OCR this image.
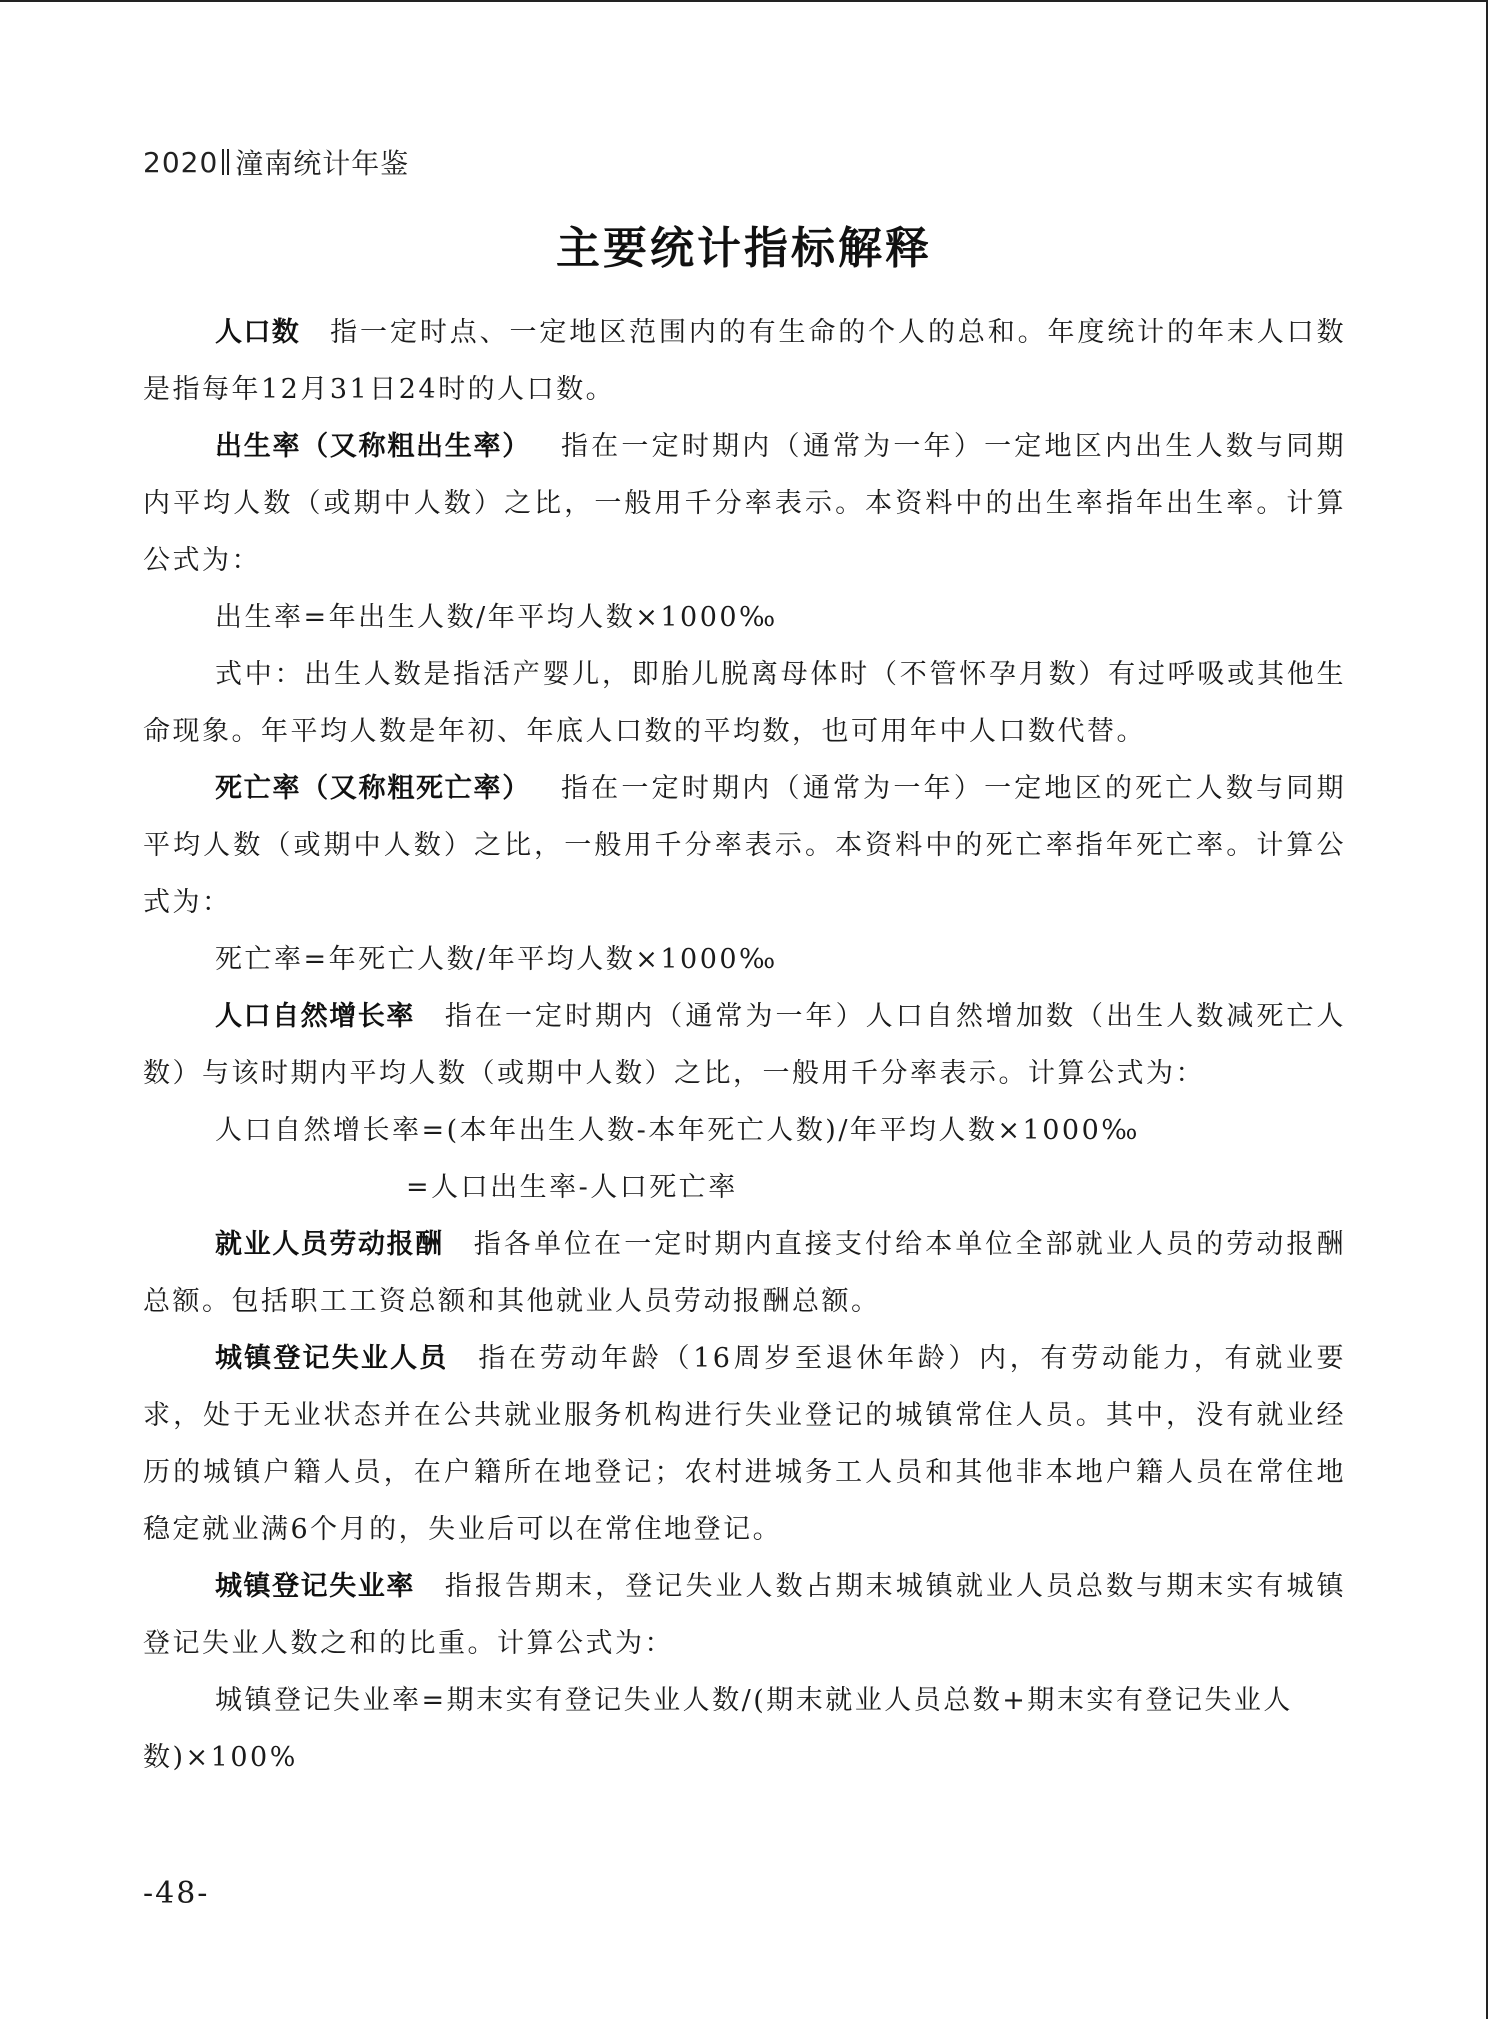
2020 潼南统计年鉴
主要统计指标解释

人口数 指一定时点、一定地区范围内的有生命的个人的总和。年度统计的年末人口数是指每年12月31日24时的人口数。

出生率（又称粗出生率） 指在一定时期内（通常为一年）一定地区内出生人数与同期内平均人数（或期中人数）之比，一般用千分率表示。本资料中的出生率指年出生率。计算公式为：

出生率=年出生人数/年平均人数×1000‰

式中：出生人数是指活产婴儿，即胎儿脱离母体时（不管怀孕月数）有过呼吸或其他生命现象。年平均人数是年初、年底人口数的平均数，也可用年中人口数代替。

死亡率（又称粗死亡率） 指在一定时期内（通常为一年）一定地区的死亡人数与同期平均人数（或期中人数）之比，一般用千分率表示。本资料中的死亡率指年死亡率。计算公式为：

死亡率=年死亡人数/年平均人数×1000‰

人口自然增长率 指在一定时期内（通常为一年）人口自然增加数（出生人数减死亡人数）与该时期内平均人数（或期中人数）之比，一般用千分率表示。计算公式为：

人口自然增长率=(本年出生人数-本年死亡人数)/年平均人数×1000‰

=人口出生率-人口死亡率

就业人员劳动报酬 指各单位在一定时期内直接支付给本单位全部就业人员的劳动报酬总额。包括职工工资总额和其他就业人员劳动报酬总额。

城镇登记失业人员 指在劳动年龄（16周岁至退休年龄）内，有劳动能力，有就业要求，处于无业状态并在公共就业服务机构进行失业登记的城镇常住人员。其中，没有就业经历的城镇户籍人员，在户籍所在地登记；农村进城务工人员和其他非本地户籍人员在常住地稳定就业满6个月的，失业后可以在常住地登记。

城镇登记失业率 指报告期末，登记失业人数占期末城镇就业人员总数与期末实有城镇登记失业人数之和的比重。计算公式为：

城镇登记失业率=期末实有登记失业人数/(期末就业人员总数+期末实有登记失业人数)×100%

-48-
